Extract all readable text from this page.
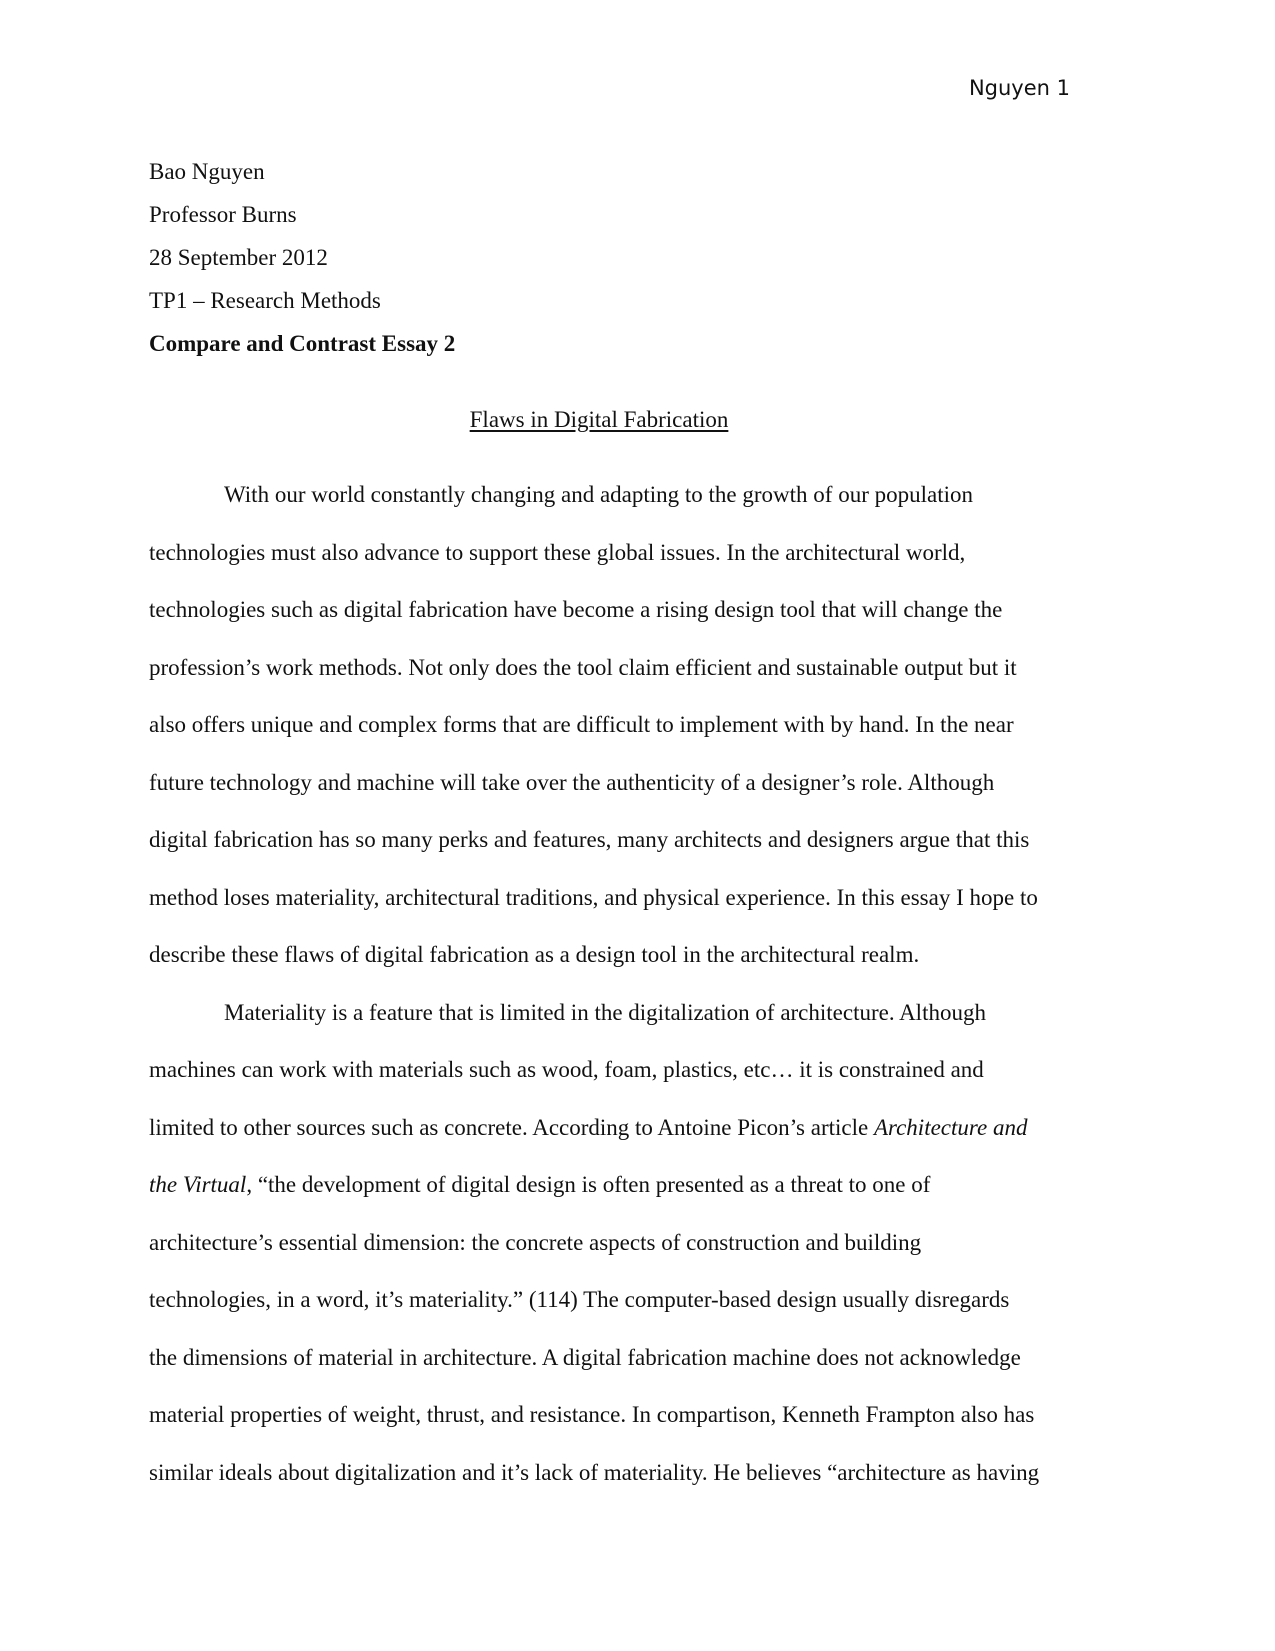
Nguyen 1
Bao Nguyen
Professor Burns
28 September 2012
TP1 – Research Methods
Compare and Contrast Essay 2
Flaws in Digital Fabrication
With our world constantly changing and adapting to the growth of our population
technologies must also advance to support these global issues. In the architectural world,
technologies such as digital fabrication have become a rising design tool that will change the
profession’s work methods. Not only does the tool claim efficient and sustainable output but it
also offers unique and complex forms that are difficult to implement with by hand. In the near
future technology and machine will take over the authenticity of a designer’s role. Although
digital fabrication has so many perks and features, many architects and designers argue that this
method loses materiality, architectural traditions, and physical experience. In this essay I hope to
describe these flaws of digital fabrication as a design tool in the architectural realm.
Materiality is a feature that is limited in the digitalization of architecture. Although
machines can work with materials such as wood, foam, plastics, etc… it is constrained and
limited to other sources such as concrete. According to Antoine Picon’s article Architecture and
the Virtual, “the development of digital design is often presented as a threat to one of
architecture’s essential dimension: the concrete aspects of construction and building
technologies, in a word, it’s materiality.” (114) The computer-based design usually disregards
the dimensions of material in architecture. A digital fabrication machine does not acknowledge
material properties of weight, thrust, and resistance. In compartison, Kenneth Frampton also has
similar ideals about digitalization and it’s lack of materiality. He believes “architecture as having
